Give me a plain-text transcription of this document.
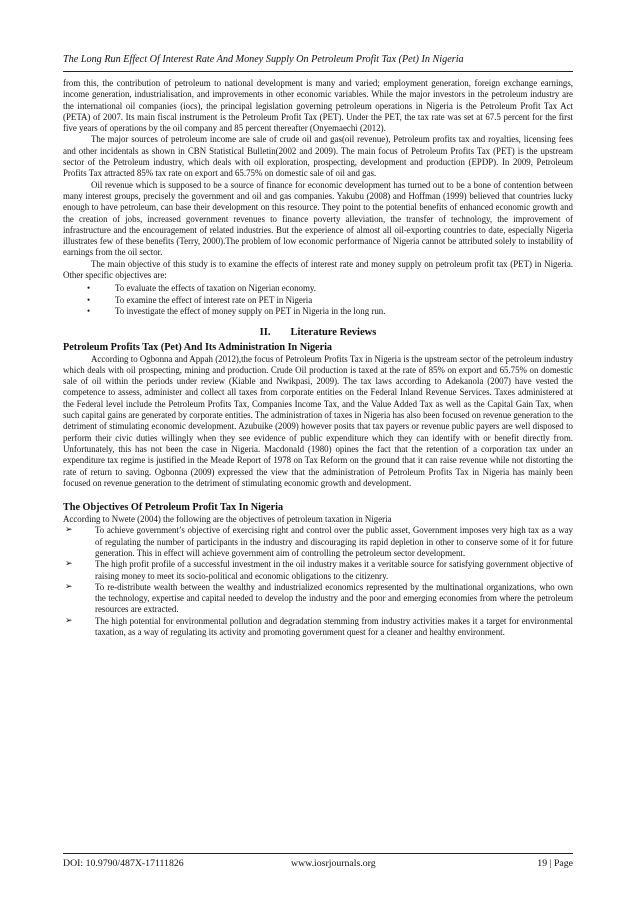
The Long Run Effect Of Interest Rate And Money Supply On Petroleum Profit Tax (Pet) In Nigeria

from this, the contribution of petroleum to national development is many and varied; employment generation, foreign exchange earnings, income generation, industrialisation, and improvements in other economic variables. While the major investors in the petroleum industry are the international oil companies (iocs), the principal legislation governing petroleum operations in Nigeria is the Petroleum Profit Tax Act (PETA) of 2007. Its main fiscal instrument is the Petroleum Profit Tax (PET). Under the PET, the tax rate was set at 67.5 percent for the first five years of operations by the oil company and 85 percent thereafter (Onyemaechi (2012).

The major sources of petroleum income are sale of crude oil and gas(oil revenue), Petroleum profits tax and royalties, licensing fees and other incidentals as shown in CBN Statistical Bulletin(2002 and 2009). The main focus of Petroleum Profits Tax (PET) is the upstream sector of the Petroleum industry, which deals with oil exploration, prospecting, development and production (EPDP). In 2009, Petroleum Profits Tax attracted 85% tax rate on export and 65.75% on domestic sale of oil and gas.

Oil revenue which is supposed to be a source of finance for economic development has turned out to be a bone of contention between many interest groups, precisely the government and oil and gas companies. Yakubu (2008) and Hoffman (1999) believed that countries lucky enough to have petroleum, can base their development on this resource. They point to the potential benefits of enhanced economic growth and the creation of jobs, increased government revenues to finance poverty alleviation, the transfer of technology, the improvement of infrastructure and the encouragement of related industries. But the experience of almost all oil-exporting countries to date, especially Nigeria illustrates few of these benefits (Terry, 2000).The problem of low economic performance of Nigeria cannot be attributed solely to instability of earnings from the oil sector.

The main objective of this study is to examine the effects of interest rate and money supply on petroleum profit tax (PET) in Nigeria. Other specific objectives are:

•	To evaluate the effects of taxation on Nigerian economy.
•	To examine the effect of interest rate on PET in Nigeria
•	To investigate the effect of money supply on PET in Nigeria in the long run.
II. Literature Reviews
Petroleum Profits Tax (Pet) And Its Administration In Nigeria

According to Ogbonna and Appah (2012),the focus of Petroleum Profits Tax in Nigeria is the upstream sector of the petroleum industry which deals with oil prospecting, mining and production. Crude Oil production is taxed at the rate of 85% on export and 65.75% on domestic sale of oil within the periods under review (Kiable and Nwikpasi, 2009). The tax laws according to Adekanola (2007) have vested the competence to assess, administer and collect all taxes from corporate entities on the Federal Inland Revenue Services. Taxes administered at the Federal level include the Petroleum Profits Tax, Companies Income Tax, and the Value Added Tax as well as the Capital Gain Tax, when such capital gains are generated by corporate entities. The administration of taxes in Nigeria has also been focused on revenue generation to the detriment of stimulating economic development. Azubuike (2009) however posits that tax payers or revenue public payers are well disposed to perform their civic duties willingly when they see evidence of public expenditure which they can identify with or benefit directly from. Unfortunately, this has not been the case in Nigeria. Macdonald (1980) opines the fact that the retention of a corporation tax under an expenditure tax regime is justified in the Meade Report of 1978 on Tax Reform on the ground that it can raise revenue while not distorting the rate of return to saving. Ogbonna (2009) expressed the view that the administration of Petroleum Profits Tax in Nigeria has mainly been focused on revenue generation to the detriment of stimulating economic growth and development.

The Objectives Of Petroleum Profit Tax In Nigeria

According to Nwete (2004) the following are the objectives of petroleum taxation in Nigeria

➢	To achieve government’s objective of exercising right and control over the public asset, Government imposes very high tax as a way of regulating the number of participants in the industry and discouraging its rapid depletion in other to conserve some of it for future generation. This in effect will achieve government aim of controlling the petroleum sector development.
➢	The high profit profile of a successful investment in the oil industry makes it a veritable source for satisfying government objective of raising money to meet its socio-political and economic obligations to the citizenry.
➢	To re-distribute wealth between the wealthy and industrialized economics represented by the multinational organizations, who own the technology, expertise and capital needed to develop the industry and the poor and emerging economies from where the petroleum resources are extracted.
➢	The high potential for environmental pollution and degradation stemming from industry activities makes it a target for environmental taxation, as a way of regulating its activity and promoting government quest for a cleaner and healthy environment.
DOI: 10.9790/487X-17111826	www.iosrjournals.org	19 | Page
